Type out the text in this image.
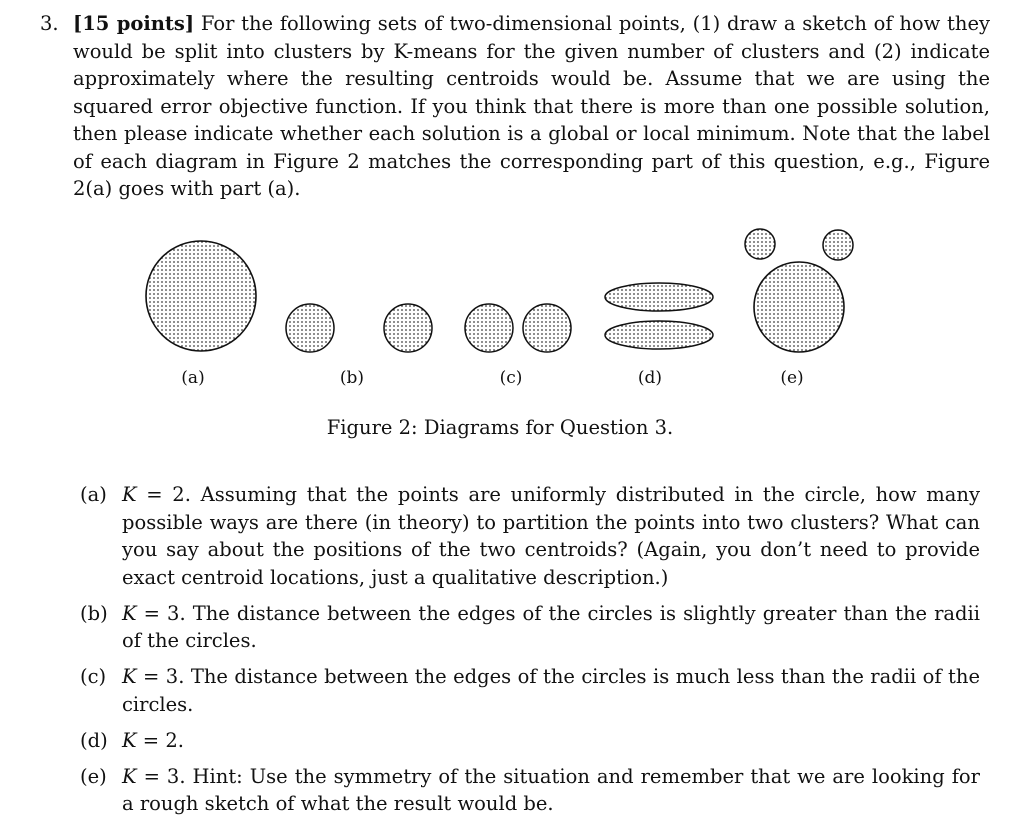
3. [15 points] For the following sets of two-dimensional points, (1) draw a sketch of how they would be split into clusters by K-means for the given number of clusters and (2) indicate approximately where the resulting centroids would be. Assume that we are using the squared error objective function. If you think that there is more than one possible solution, then please indicate whether each solution is a global or local minimum. Note that the label of each diagram in Figure 2 matches the corresponding part of this question, e.g., Figure 2(a) goes with part (a).
(a)	(b)	(c)	(d)	(e)
Figure 2: Diagrams for Question 3.
(a) K = 2. Assuming that the points are uniformly distributed in the circle, how many possible ways are there (in theory) to partition the points into two clusters? What can you say about the positions of the two centroids? (Again, you don’t need to provide exact centroid locations, just a qualitative description.)
(b) K = 3. The distance between the edges of the circles is slightly greater than the radii of the circles.
(c) K = 3. The distance between the edges of the circles is much less than the radii of the circles.
(d) K = 2.
(e) K = 3. Hint: Use the symmetry of the situation and remember that we are looking for a rough sketch of what the result would be.
